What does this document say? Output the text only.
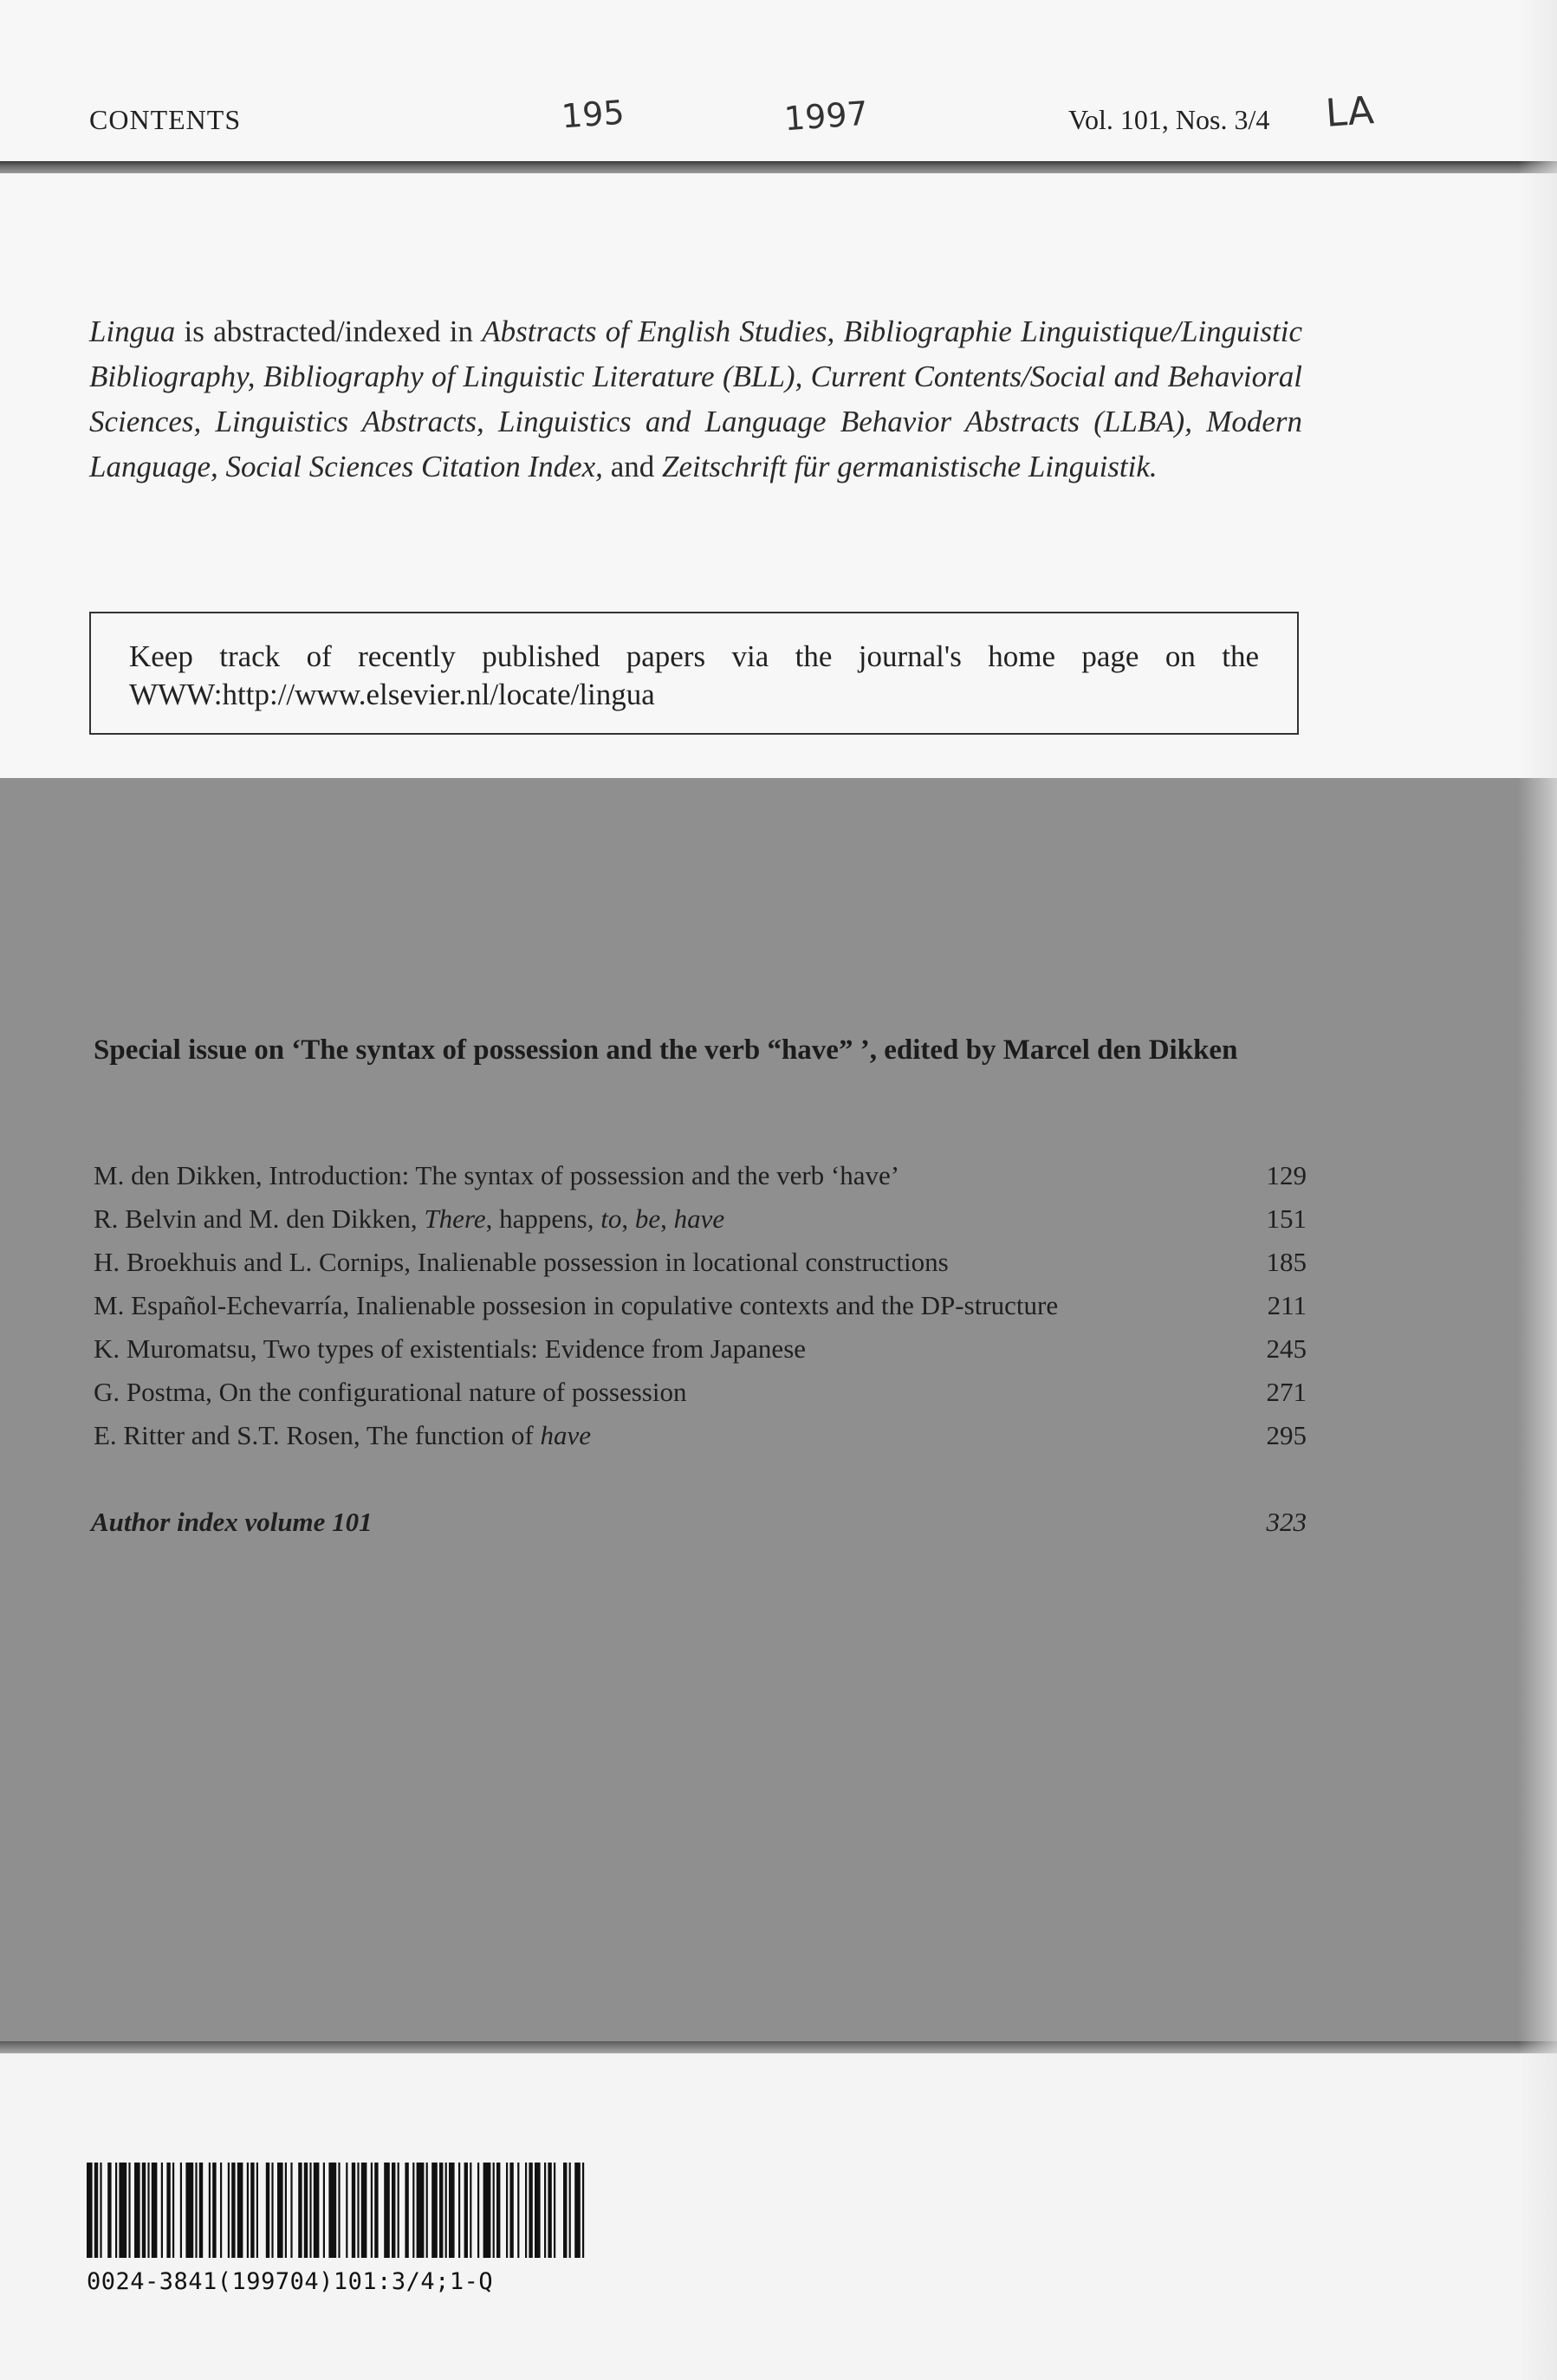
CONTENTS	Vol. 101, Nos. 3/4
195	1997	LA

Lingua is abstracted/indexed in Abstracts of English Studies, Bibliographie Linguistique/Linguistic Bibliography, Bibliography of Linguistic Literature (BLL), Current Contents/Social and Behavioral Sciences, Linguistics Abstracts, Linguistics and Language Behavior Abstracts (LLBA), Modern Language, Social Sciences Citation Index, and Zeitschrift für germanistische Linguistik.

Keep track of recently published papers via the journal's home page on the
WWW:http://www.elsevier.nl/locate/lingua
Special issue on ‘The syntax of possession and the verb “have” ’, edited by Marcel den Dikken
M. den Dikken, Introduction: The syntax of possession and the verb ‘have’	129
R. Belvin and M. den Dikken, There, happens, to, be, have	151
H. Broekhuis and L. Cornips, Inalienable possession in locational constructions	185
M. Español-Echevarría, Inalienable possesion in copulative contexts and the DP-structure	211
K. Muromatsu, Two types of existentials: Evidence from Japanese	245
G. Postma, On the configurational nature of possession	271
E. Ritter and S.T. Rosen, The function of have	295
Author index volume 101	323
0024-3841(199704)101:3/4;1-Q
